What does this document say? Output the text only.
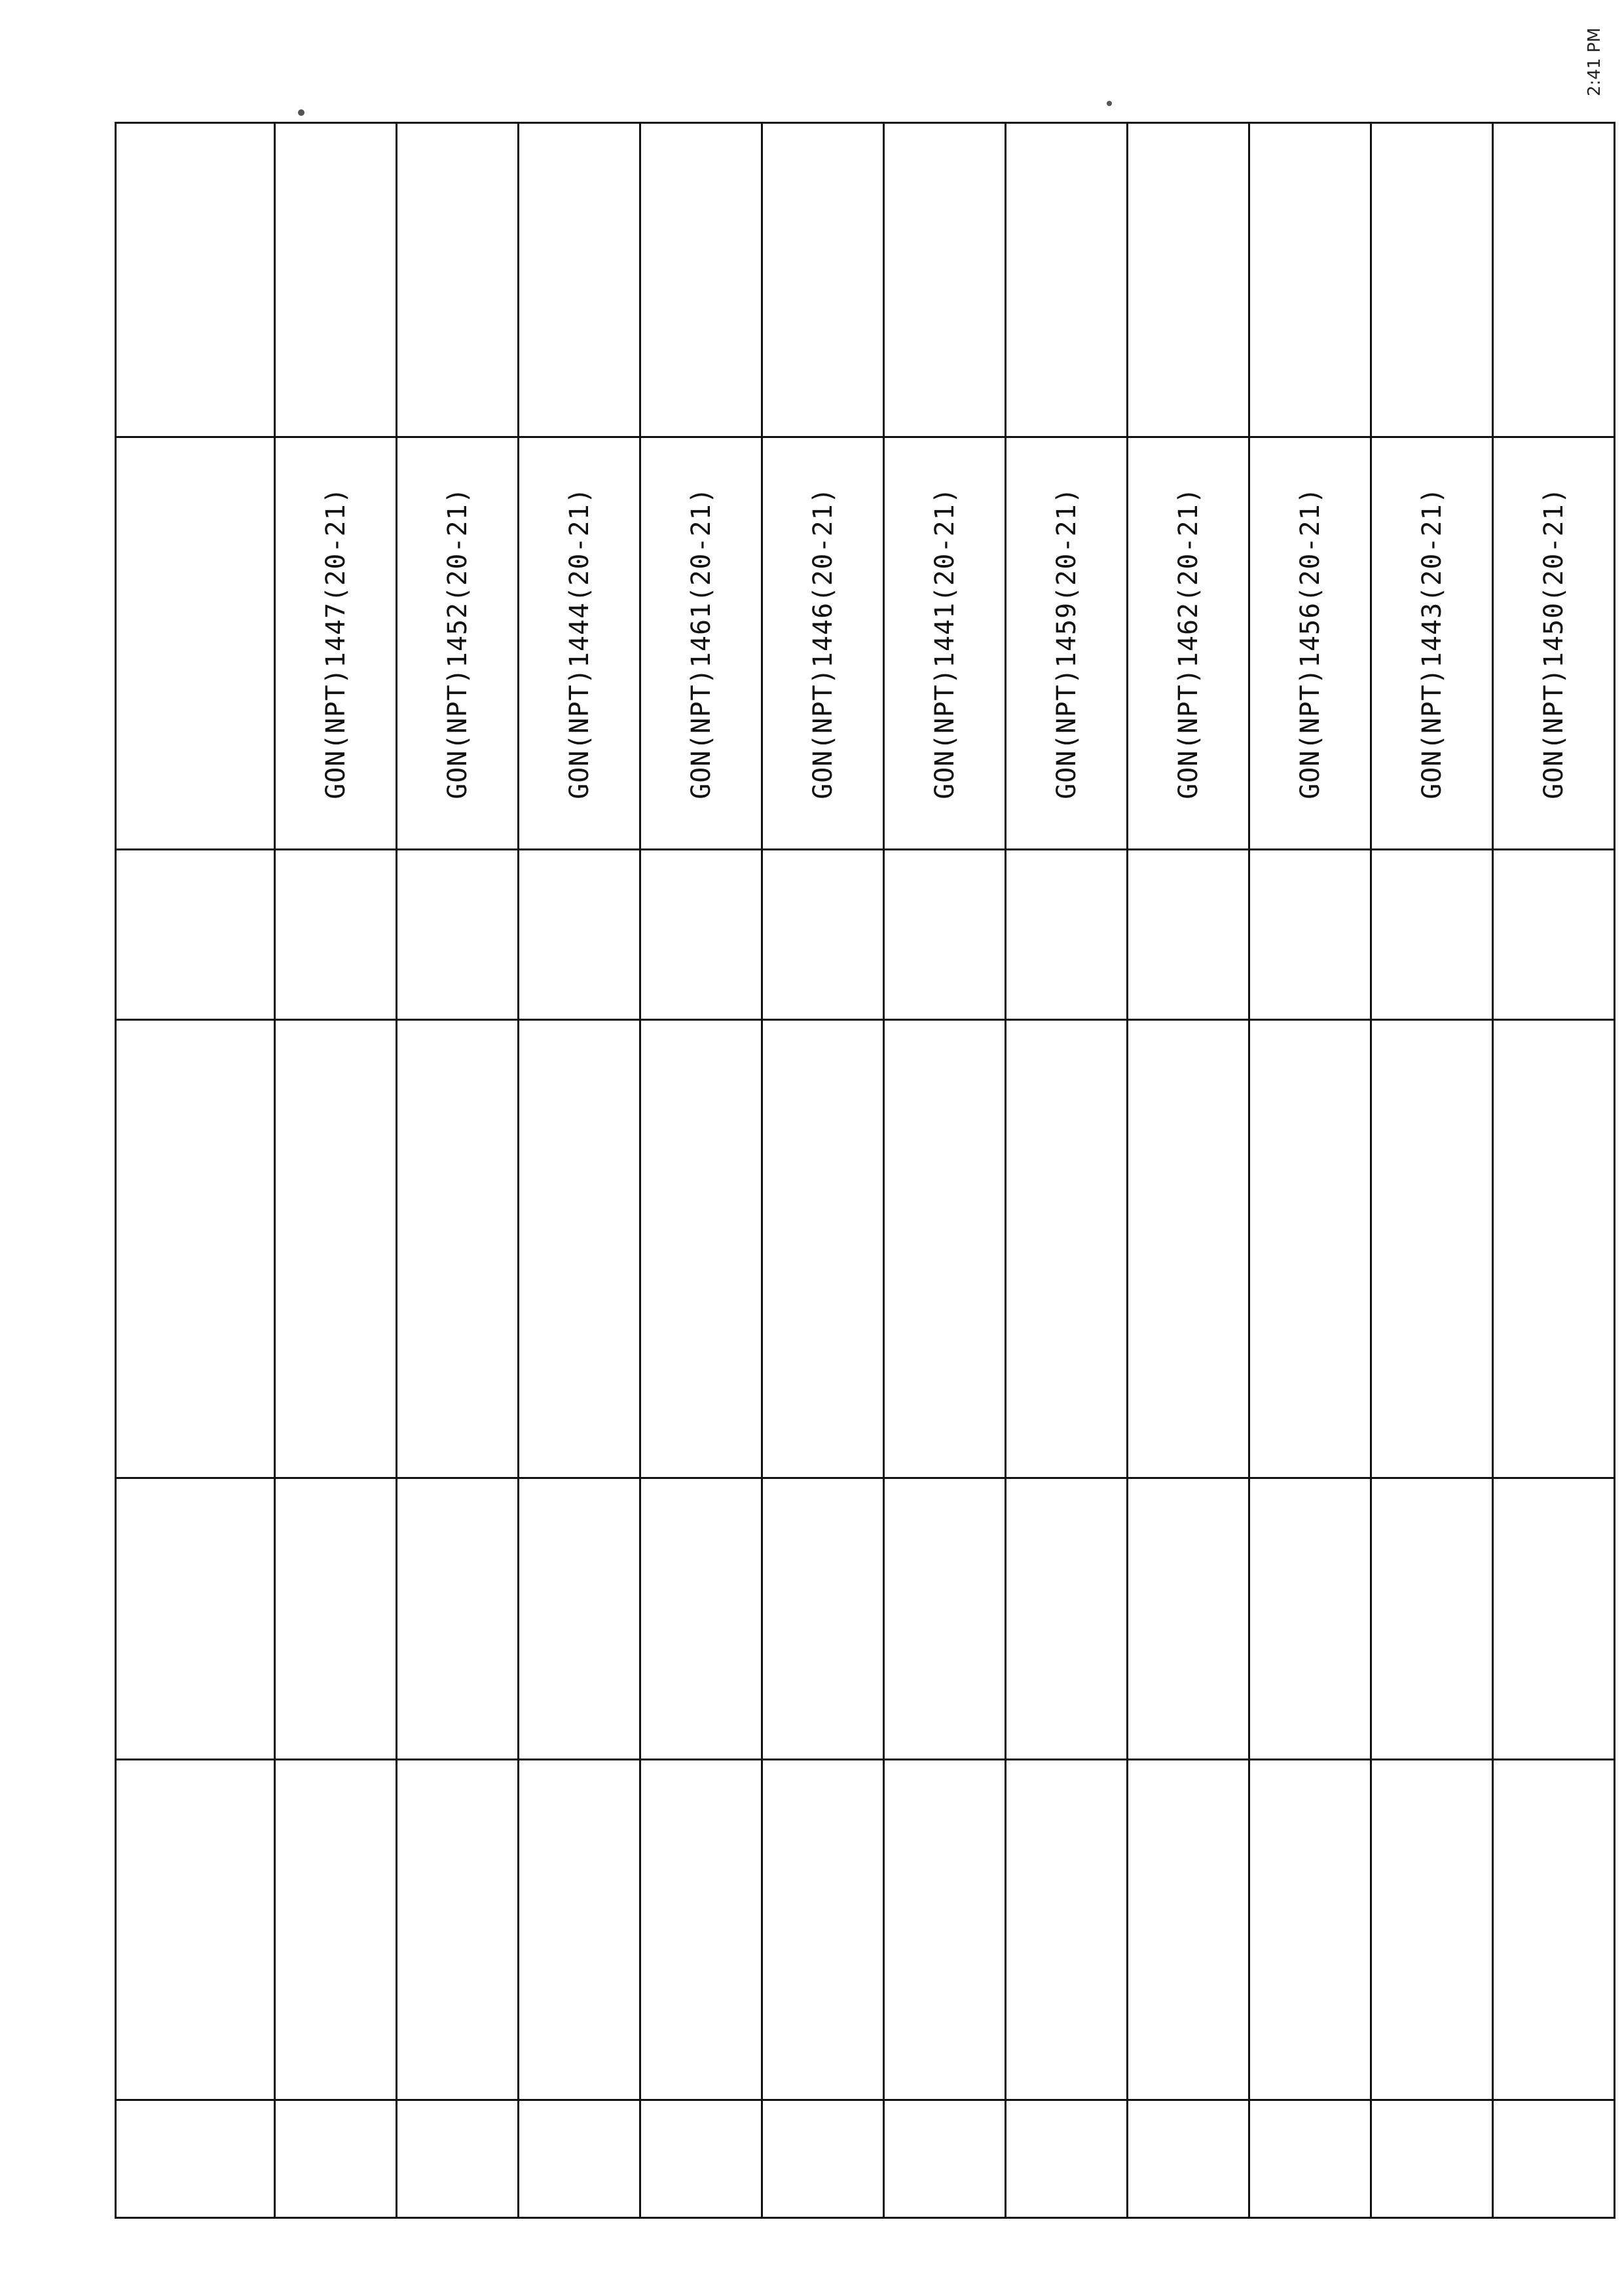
					GON(NPT)1447(20-21)	
					GON(NPT)1452(20-21)	
					GON(NPT)1444(20-21)	
					GON(NPT)1461(20-21)	
					GON(NPT)1446(20-21)	
					GON(NPT)1441(20-21)	
					GON(NPT)1459(20-21)	
					GON(NPT)1462(20-21)	
					GON(NPT)1456(20-21)	
					GON(NPT)1443(20-21)	
					GON(NPT)1450(20-21)	
2:41 PM
